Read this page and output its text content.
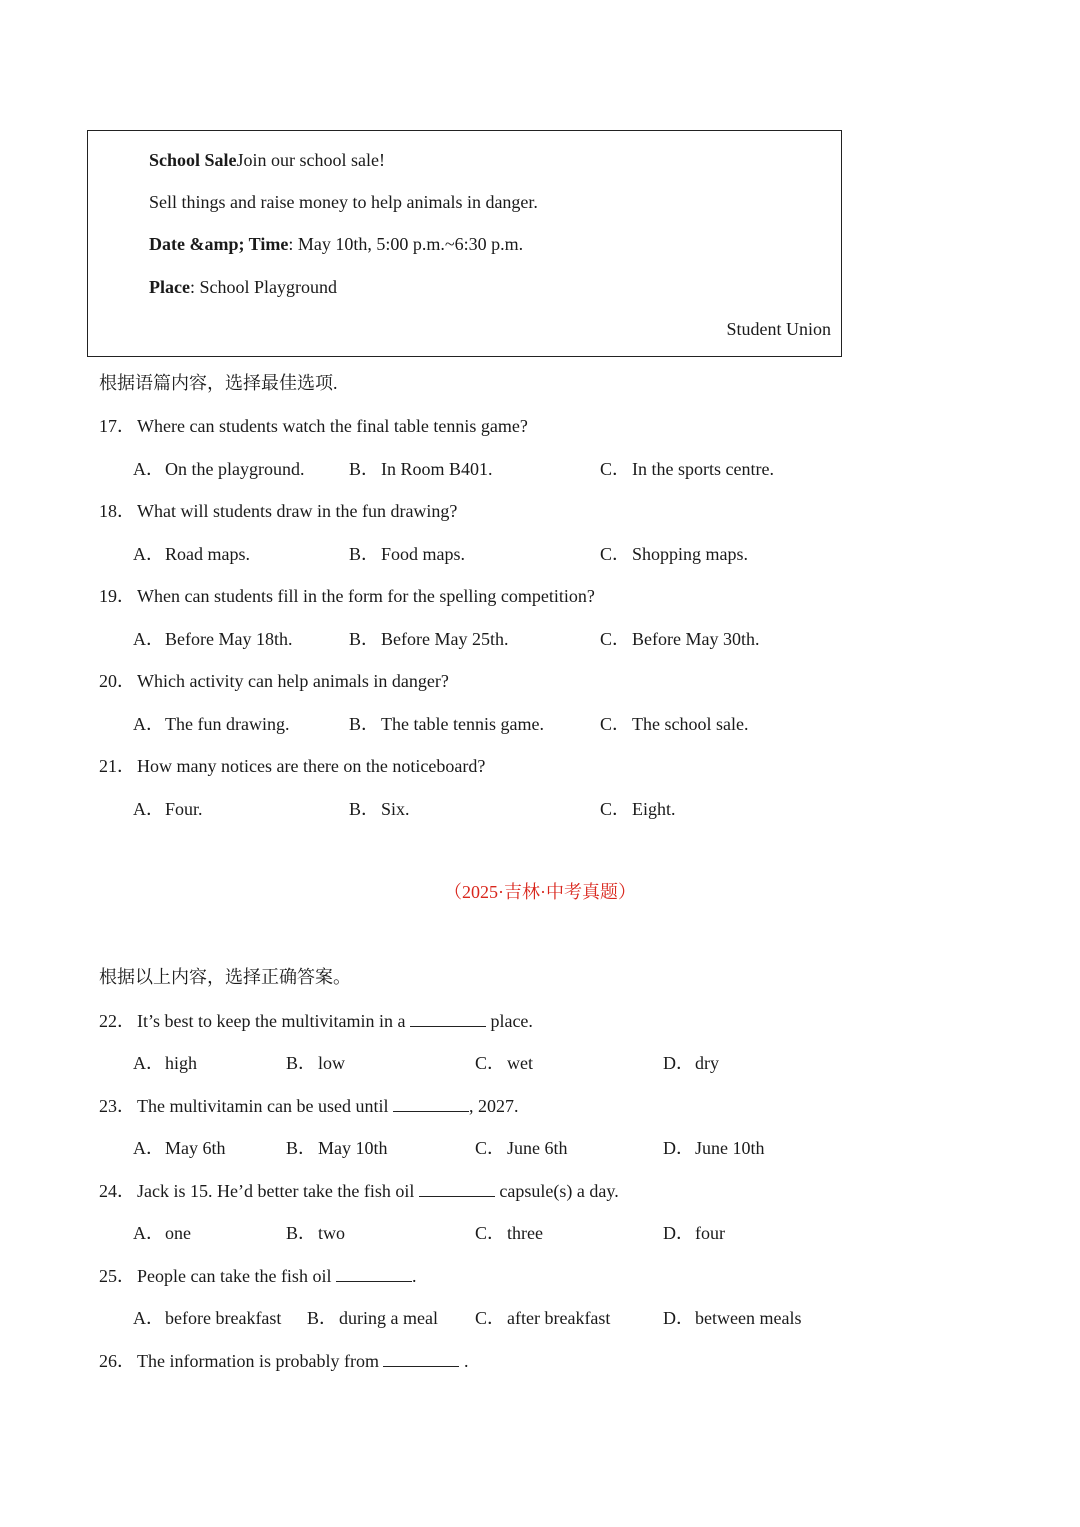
School SaleJoin our school sale!
Sell things and raise money to help animals in danger.
Date &amp; Time: May 10th, 5:00 p.m.~6:30 p.m.
Place: School Playground
Student Union
根据语篇内容，选择最佳选项.
17． Where can students watch the final table tennis game?
A．On the playground. B． In Room B401.	C． In the sports centre.
18． What will students draw in the fun drawing?
A．Road maps.	B． Food maps.	C． Shopping maps.
19． When can students fill in the form for the spelling competition?
A．Before May 18th.	B． Before May 25th.	C． Before May 30th.
20． Which activity can help animals in danger?
A．The fun drawing.	B． The table tennis game.	C． The school sale.
21． How many notices are there on the noticeboard?
A．Four.	B． Six.	C． Eight.
（2025·吉林·中考真题）
根据以上内容，选择正确答案。
22． It’s best to keep the multivitamin in a	place.
A．high	B． low	C． wet	D．dry
23． The multivitamin can be used until	, 2027.
A．May 6th	B． May 10th	C． June 6th	D．June 10th
24． Jack is 15. He’d better take the fish oil	capsule(s) a day.
A．one	B． two	C． three	D．four
25． People can take the fish oil	.
A．before breakfast B． during a meal C． after breakfast	D．between meals
26． The information is probably from	.
